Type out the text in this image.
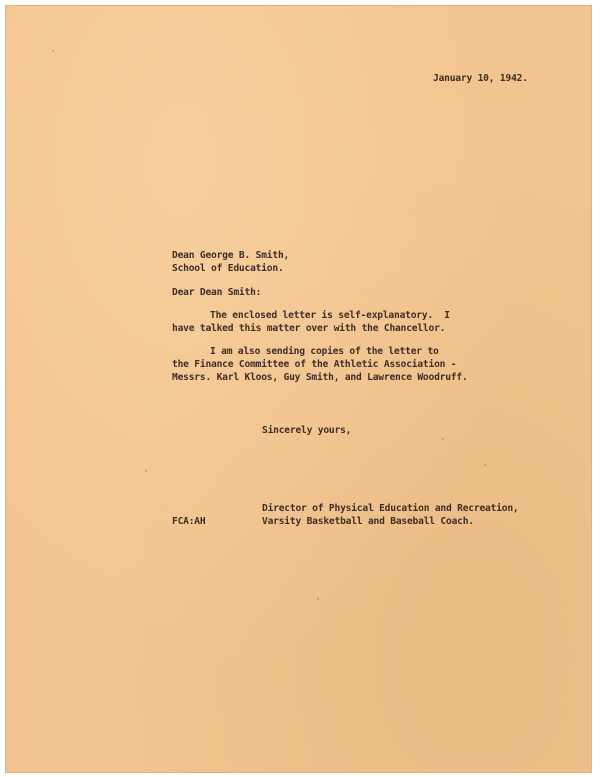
January 10, 1942.
Dean George B. Smith,
School of Education.
Dear Dean Smith:
The enclosed letter is self-explanatory.  I
have talked this matter over with the Chancellor.
I am also sending copies of the letter to
the Finance Committee of the Athletic Association -
Messrs. Karl Kloos, Guy Smith, and Lawrence Woodruff.
Sincerely yours,
Director of Physical Education and Recreation,
Varsity Basketball and Baseball Coach.
FCA:AH
